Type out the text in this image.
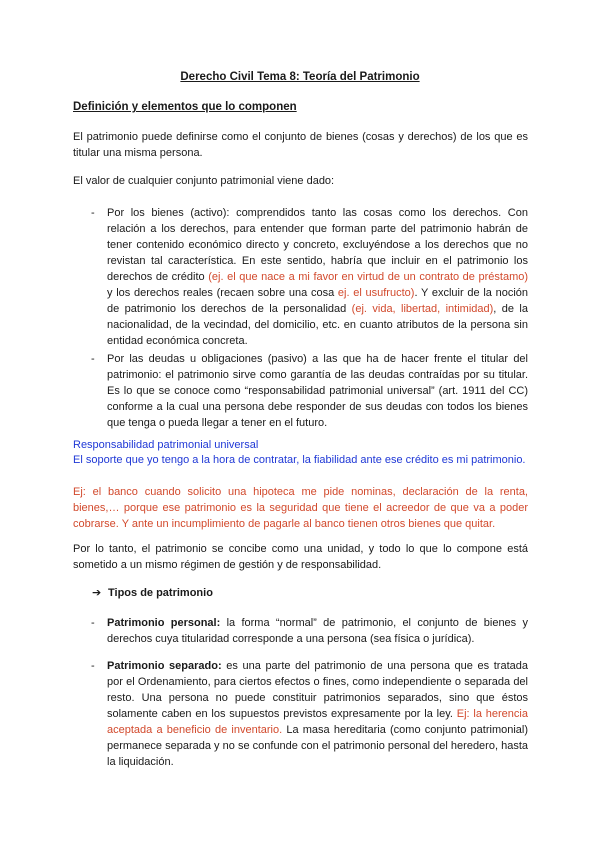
Derecho Civil Tema 8: Teoría del Patrimonio

Definición y elementos que lo componen

El patrimonio puede definirse como el conjunto de bienes (cosas y derechos) de los que es titular una misma persona.

El valor de cualquier conjunto patrimonial viene dado:

- Por los bienes (activo): comprendidos tanto las cosas como los derechos. Con relación a los derechos, para entender que forman parte del patrimonio habrán de tener contenido económico directo y concreto, excluyéndose a los derechos que no revistan tal característica. En este sentido, habría que incluir en el patrimonio los derechos de crédito (ej. el que nace a mi favor en virtud de un contrato de préstamo) y los derechos reales (recaen sobre una cosa ej. el usufructo). Y excluir de la noción de patrimonio los derechos de la personalidad (ej. vida, libertad, intimidad), de la nacionalidad, de la vecindad, del domicilio, etc. en cuanto atributos de la persona sin entidad económica concreta.

- Por las deudas u obligaciones (pasivo) a las que ha de hacer frente el titular del patrimonio: el patrimonio sirve como garantía de las deudas contraídas por su titular. Es lo que se conoce como “responsabilidad patrimonial universal” (art. 1911 del CC) conforme a la cual una persona debe responder de sus deudas con todos los bienes que tenga o pueda llegar a tener en el futuro.

Responsabilidad patrimonial universal

El soporte que yo tengo a la hora de contratar, la fiabilidad ante ese crédito es mi patrimonio.

Ej: el banco cuando solicito una hipoteca me pide nominas, declaración de la renta, bienes,… porque ese patrimonio es la seguridad que tiene el acreedor de que va a poder cobrarse. Y ante un incumplimiento de pagarle al banco tienen otros bienes que quitar.

Por lo tanto, el patrimonio se concibe como una unidad, y todo lo que lo compone está sometido a un mismo régimen de gestión y de responsabilidad.

➔ Tipos de patrimonio

- Patrimonio personal: la forma “normal” de patrimonio, el conjunto de bienes y derechos cuya titularidad corresponde a una persona (sea física o jurídica).

- Patrimonio separado: es una parte del patrimonio de una persona que es tratada por el Ordenamiento, para ciertos efectos o fines, como independiente o separada del resto. Una persona no puede constituir patrimonios separados, sino que éstos solamente caben en los supuestos previstos expresamente por la ley. Ej: la herencia aceptada a beneficio de inventario. La masa hereditaria (como conjunto patrimonial) permanece separada y no se confunde con el patrimonio personal del heredero, hasta la liquidación.
